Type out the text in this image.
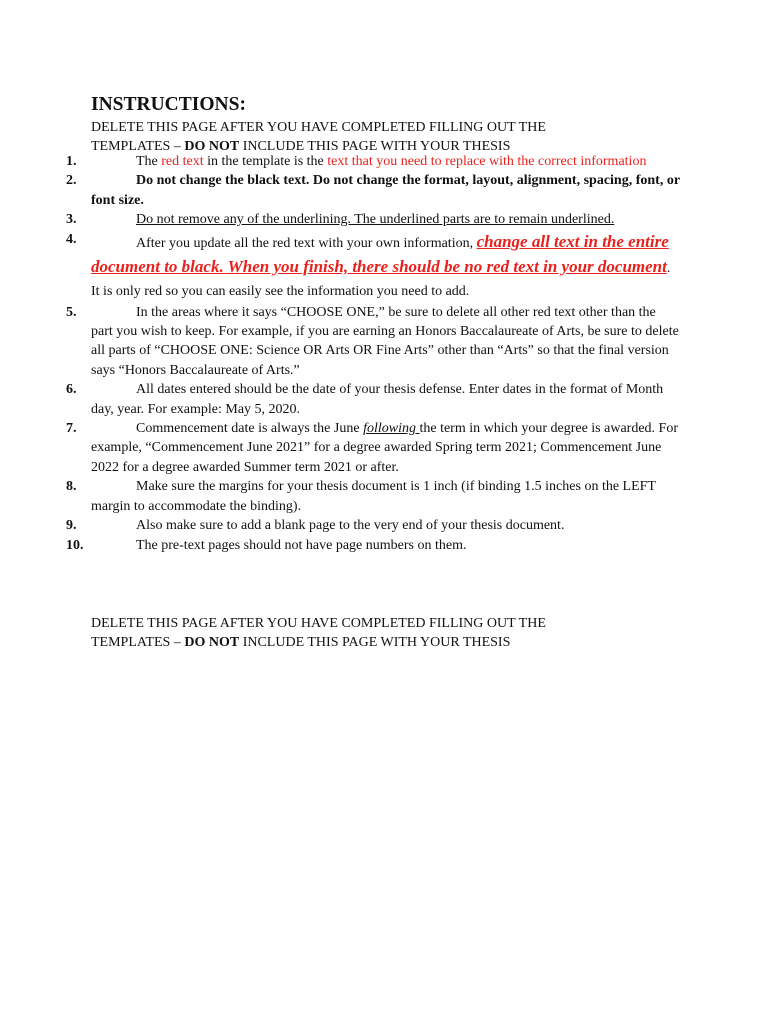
INSTRUCTIONS:
DELETE THIS PAGE AFTER YOU HAVE COMPLETED FILLING OUT THE
TEMPLATES – DO NOT INCLUDE THIS PAGE WITH YOUR THESIS
1.	The red text in the template is the text that you need to replace with the correct information
2.	Do not change the black text. Do not change the format, layout, alignment, spacing, font, or font size.
3.	Do not remove any of the underlining. The underlined parts are to remain underlined.
4.	After you update all the red text with your own information, change all text in the entire document to black. When you finish, there should be no red text in your document. It is only red so you can easily see the information you need to add.
5.	In the areas where it says “CHOOSE ONE,” be sure to delete all other red text other than the part you wish to keep. For example, if you are earning an Honors Baccalaureate of Arts, be sure to delete all parts of “CHOOSE ONE: Science OR Arts OR Fine Arts” other than “Arts” so that the final version says “Honors Baccalaureate of Arts.”
6.	All dates entered should be the date of your thesis defense. Enter dates in the format of Month day, year. For example: May 5, 2020.
7.	Commencement date is always the June following the term in which your degree is awarded. For example, “Commencement June 2021” for a degree awarded Spring term 2021; Commencement June 2022 for a degree awarded Summer term 2021 or after.
8.	Make sure the margins for your thesis document is 1 inch (if binding 1.5 inches on the LEFT margin to accommodate the binding).
9.	Also make sure to add a blank page to the very end of your thesis document.
10.	The pre-text pages should not have page numbers on them.
DELETE THIS PAGE AFTER YOU HAVE COMPLETED FILLING OUT THE
TEMPLATES – DO NOT INCLUDE THIS PAGE WITH YOUR THESIS
